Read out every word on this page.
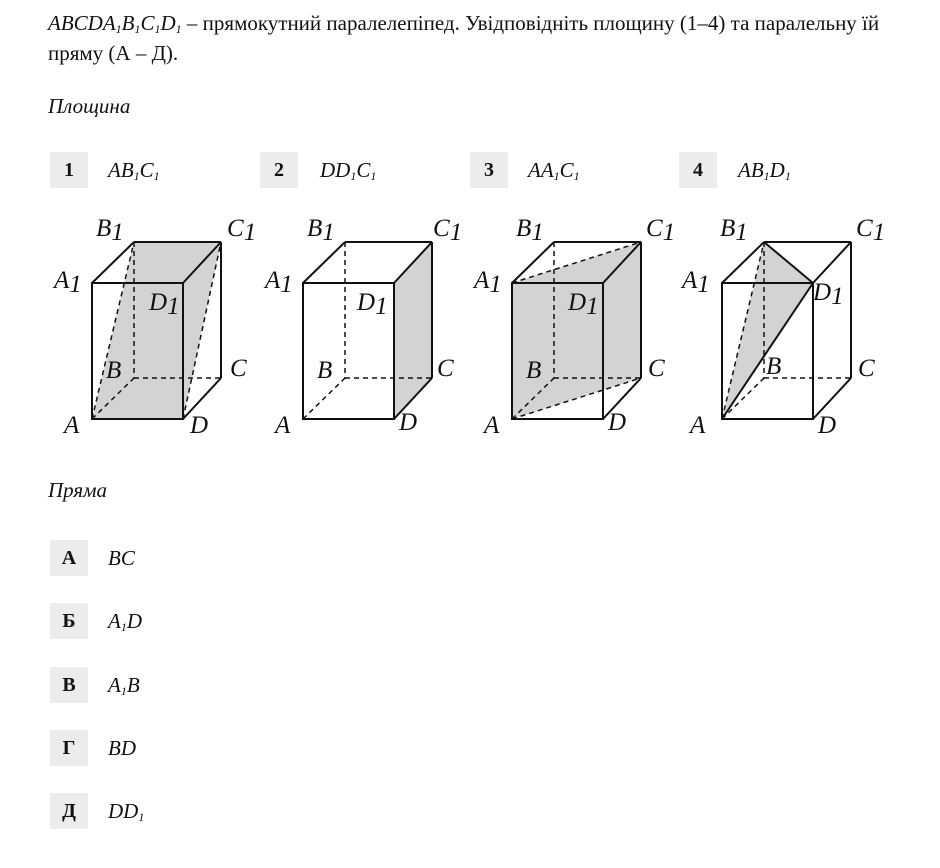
$ABCDA_1B_1C_1D_1$ – прямокутний паралелепіпед. Увідповідніть площину (1–4) та паралельну їй пряму (А – Д).
Площина
1	$AB_1C_1$	2	$DD_1C_1$	3	$AA_1C_1$	4	$AB_1D_1$
A
B	C
D
A1
B1	C1
D1
A
B	C
D
A1
B1	C1
D1
A
B	C
D
A1
B1	C1
D1
A
B	C
D
A1
B1	C1
D1
Пряма
А	BC
Б	$A_1D$
В	$A_1B$
Г	BD
Д	$DD_1$
